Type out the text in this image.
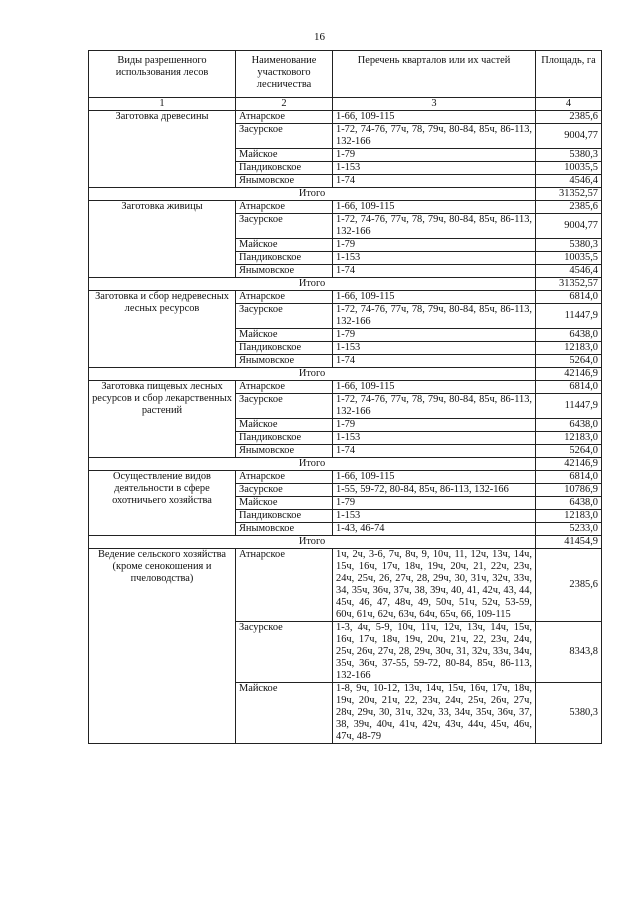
16
Виды разрешенного использования лесов	Наименование участкового лесничества	Перечень кварталов или их частей	Площадь, га
1	2	3	4
Заготовка древесины	Атнарское	1-66, 109-115	2385,6
	Засурское	1-72, 74-76, 77ч, 78, 79ч, 80-84, 85ч, 86-113, 132-166	9004,77
	Майское	1-79	5380,3
	Пандиковское	1-153	10035,5
	Янымовское	1-74	4546,4
Итого			31352,57
Заготовка живицы	Атнарское	1-66, 109-115	2385,6
	Засурское	1-72, 74-76, 77ч, 78, 79ч, 80-84, 85ч, 86-113, 132-166	9004,77
	Майское	1-79	5380,3
	Пандиковское	1-153	10035,5
	Янымовское	1-74	4546,4
Итого			31352,57
Заготовка и сбор недревесных лесных ресурсов	Атнарское	1-66, 109-115	6814,0
	Засурское	1-72, 74-76, 77ч, 78, 79ч, 80-84, 85ч, 86-113, 132-166	11447,9
	Майское	1-79	6438,0
	Пандиковское	1-153	12183,0
	Янымовское	1-74	5264,0
Итого			42146,9
Заготовка пищевых лесных ресурсов и сбор лекарственных растений	Атнарское	1-66, 109-115	6814,0
	Засурское	1-72, 74-76, 77ч, 78, 79ч, 80-84, 85ч, 86-113, 132-166	11447,9
	Майское	1-79	6438,0
	Пандиковское	1-153	12183,0
	Янымовское	1-74	5264,0
Итого			42146,9
Осуществление видов деятельности в сфере охотничьего хозяйства	Атнарское	1-66, 109-115	6814,0
	Засурское	1-55, 59-72, 80-84, 85ч, 86-113, 132-166	10786,9
	Майское	1-79	6438,0
	Пандиковское	1-153	12183,0
	Янымовское	1-43, 46-74	5233,0
Итого			41454,9
Ведение сельского хозяйства (кроме сенокошения и пчеловодства)	Атнарское	1ч, 2ч, 3-6, 7ч, 8ч, 9, 10ч, 11, 12ч, 13ч, 14ч, 15ч, 16ч, 17ч, 18ч, 19ч, 20ч, 21, 22ч, 23ч, 24ч, 25ч, 26, 27ч, 28, 29ч, 30, 31ч, 32ч, 33ч, 34, 35ч, 36ч, 37ч, 38, 39ч, 40, 41, 42ч, 43, 44, 45ч, 46, 47, 48ч, 49, 50ч, 51ч, 52ч, 53-59, 60ч, 61ч, 62ч, 63ч, 64ч, 65ч, 66, 109-115	2385,6
	Засурское	1-3, 4ч, 5-9, 10ч, 11ч, 12ч, 13ч, 14ч, 15ч, 16ч, 17ч, 18ч, 19ч, 20ч, 21ч, 22, 23ч, 24ч, 25ч, 26ч, 27ч, 28, 29ч, 30ч, 31, 32ч, 33ч, 34ч, 35ч, 36ч, 37-55, 59-72, 80-84, 85ч, 86-113, 132-166	8343,8
	Майское	1-8, 9ч, 10-12, 13ч, 14ч, 15ч, 16ч, 17ч, 18ч, 19ч, 20ч, 21ч, 22, 23ч, 24ч, 25ч, 26ч, 27ч, 28ч, 29ч, 30, 31ч, 32ч, 33, 34ч, 35ч, 36ч, 37, 38, 39ч, 40ч, 41ч, 42ч, 43ч, 44ч, 45ч, 46ч, 47ч, 48-79	5380,3
